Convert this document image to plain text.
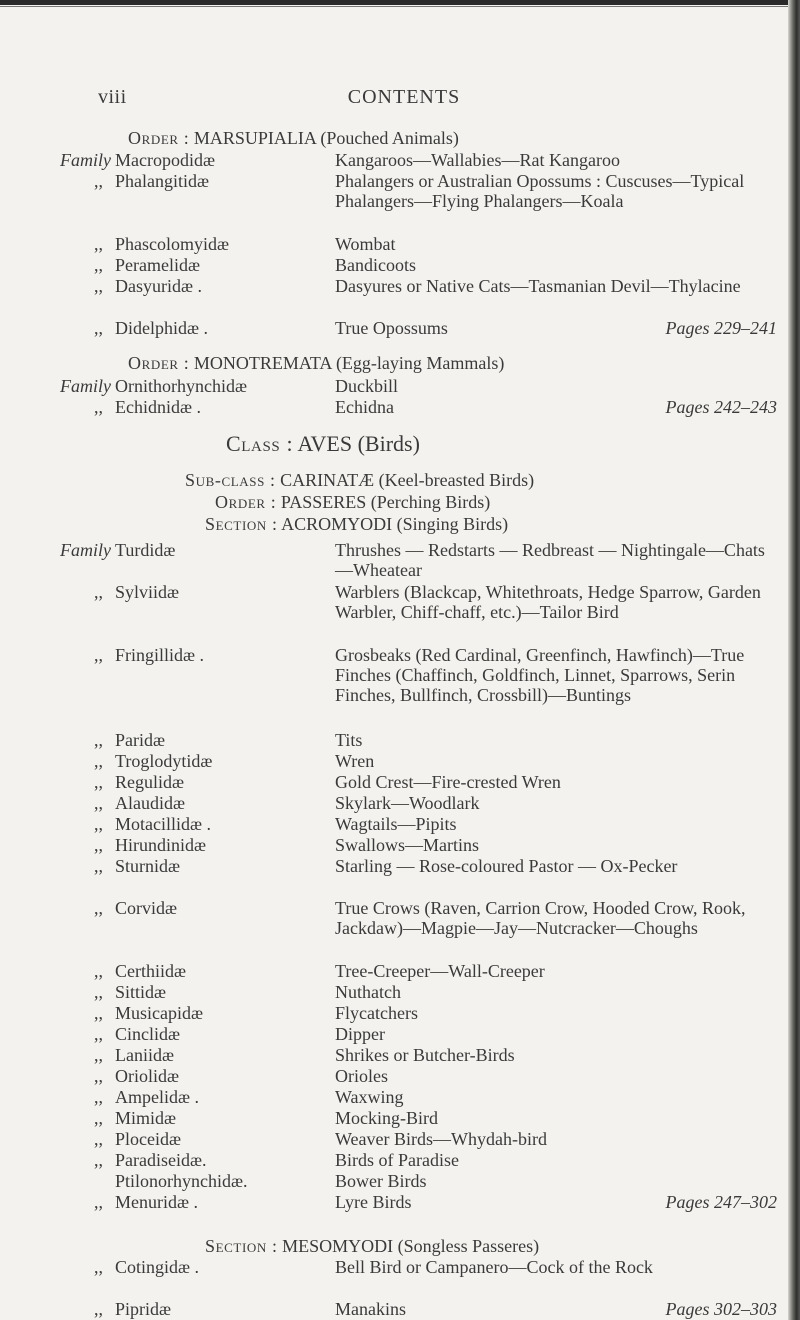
viii	CONTENTS
Order : MARSUPIALIA (Pouched Animals)
Family Macropodidæ	Kangaroos—Wallabies—Rat Kangaroo
,, Phalangitidæ	Phalangers or Australian Opossums : Cuscuses—Typical Phalangers—Flying Phalangers—Koala
,, Phascolomyidæ	Wombat
,, Peramelidæ	Bandicoots
,, Dasyuridæ .	Dasyures or Native Cats—Tasmanian Devil—Thylacine
,, Didelphidæ .	True Opossums	Pages 229–241
Order : MONOTREMATA (Egg-laying Mammals)
Family Ornithorhynchidæ	Duckbill
,, Echidnidæ .	Echidna	Pages 242–243
Class : AVES (Birds)
Sub-class : CARINATÆ (Keel-breasted Birds)
Order : PASSERES (Perching Birds)
Section : ACROMYODI (Singing Birds)
Family Turdidæ	Thrushes — Redstarts — Redbreast — Nightingale—Chats—Wheatear
,, Sylviidæ	Warblers (Blackcap, Whitethroats, Hedge Sparrow, Garden Warbler, Chiff-chaff, etc.)—Tailor Bird
,, Fringillidæ .	Grosbeaks (Red Cardinal, Greenfinch, Hawfinch)—True Finches (Chaffinch, Goldfinch, Linnet, Sparrows, Serin Finches, Bullfinch, Crossbill)—Buntings
,, Paridæ	Tits
,, Troglodytidæ	Wren
,, Regulidæ	Gold Crest—Fire-crested Wren
,, Alaudidæ	Skylark—Woodlark
,, Motacillidæ .	Wagtails—Pipits
,, Hirundinidæ	Swallows—Martins
,, Sturnidæ	Starling — Rose-coloured Pastor — Ox-Pecker
,, Corvidæ	True Crows (Raven, Carrion Crow, Hooded Crow, Rook, Jackdaw)—Magpie—Jay—Nutcracker—Choughs
,, Certhiidæ	Tree-Creeper—Wall-Creeper
,, Sittidæ	Nuthatch
,, Musicapidæ	Flycatchers
,, Cinclidæ	Dipper
,, Laniidæ	Shrikes or Butcher-Birds
,, Oriolidæ	Orioles
,, Ampelidæ .	Waxwing
,, Mimidæ	Mocking-Bird
,, Ploceidæ	Weaver Birds—Whydah-bird
,, Paradiseidæ.	Birds of Paradise
Ptilonorhynchidæ.	Bower Birds
,, Menuridæ .	Lyre Birds	Pages 247–302
Section : MESOMYODI (Songless Passeres)
,, Cotingidæ .	Bell Bird or Campanero—Cock of the Rock
,, Pipridæ	Manakins	Pages 302–303
